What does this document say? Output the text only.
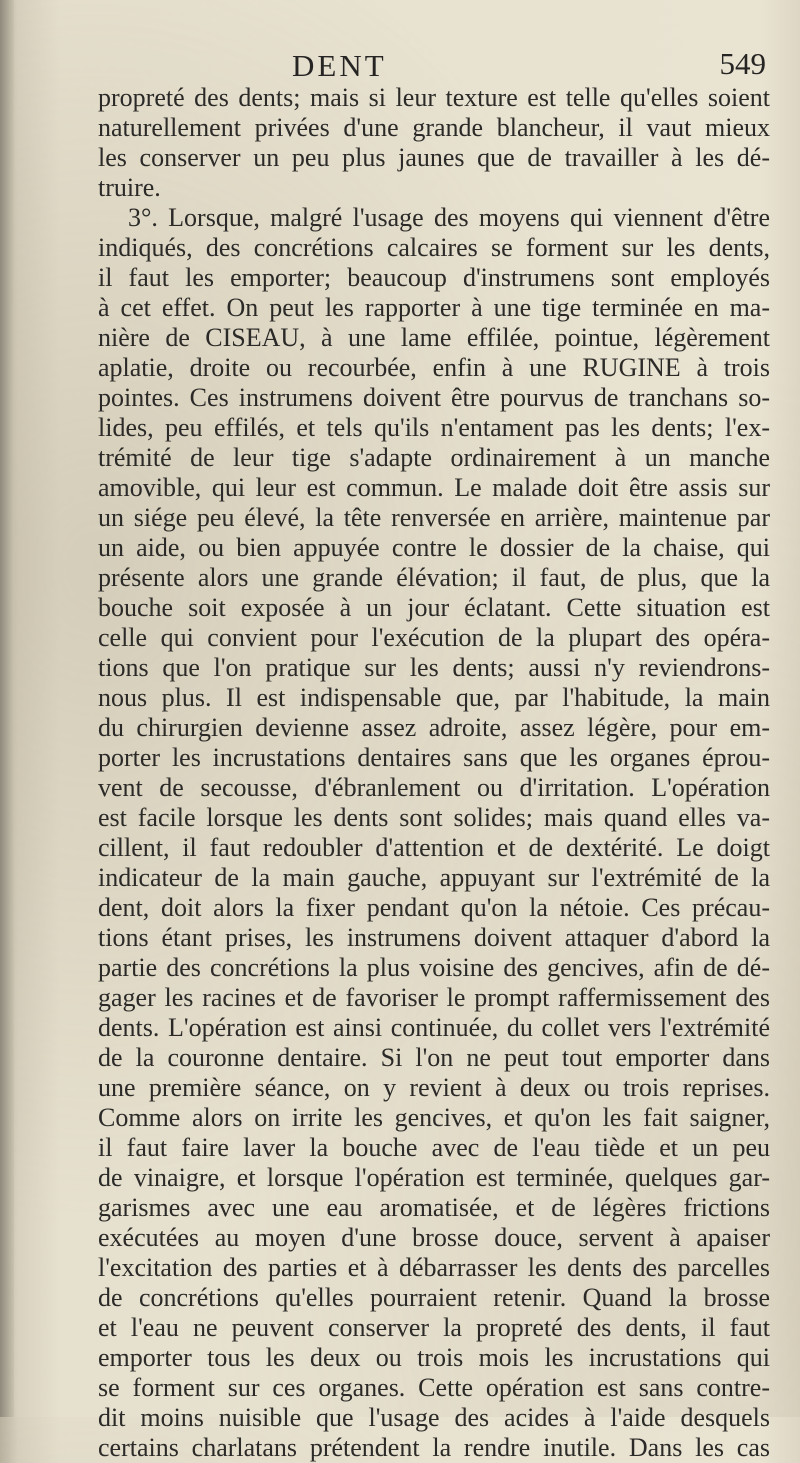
DENT	549
propreté des dents; mais si leur texture est telle qu'elles soient
naturellement privées d'une grande blancheur, il vaut mieux
les conserver un peu plus jaunes que de travailler à les dé-
truire.
3°. Lorsque, malgré l'usage des moyens qui viennent d'être
indiqués, des concrétions calcaires se forment sur les dents,
il faut les emporter; beaucoup d'instrumens sont employés
à cet effet. On peut les rapporter à une tige terminée en ma-
nière de CISEAU, à une lame effilée, pointue, légèrement
aplatie, droite ou recourbée, enfin à une RUGINE à trois
pointes. Ces instrumens doivent être pourvus de tranchans so-
lides, peu effilés, et tels qu'ils n'entament pas les dents; l'ex-
trémité de leur tige s'adapte ordinairement à un manche
amovible, qui leur est commun. Le malade doit être assis sur
un siége peu élevé, la tête renversée en arrière, maintenue par
un aide, ou bien appuyée contre le dossier de la chaise, qui
présente alors une grande élévation; il faut, de plus, que la
bouche soit exposée à un jour éclatant. Cette situation est
celle qui convient pour l'exécution de la plupart des opéra-
tions que l'on pratique sur les dents; aussi n'y reviendrons-
nous plus. Il est indispensable que, par l'habitude, la main
du chirurgien devienne assez adroite, assez légère, pour em-
porter les incrustations dentaires sans que les organes éprou-
vent de secousse, d'ébranlement ou d'irritation. L'opération
est facile lorsque les dents sont solides; mais quand elles va-
cillent, il faut redoubler d'attention et de dextérité. Le doigt
indicateur de la main gauche, appuyant sur l'extrémité de la
dent, doit alors la fixer pendant qu'on la nétoie. Ces précau-
tions étant prises, les instrumens doivent attaquer d'abord la
partie des concrétions la plus voisine des gencives, afin de dé-
gager les racines et de favoriser le prompt raffermissement des
dents. L'opération est ainsi continuée, du collet vers l'extrémité
de la couronne dentaire. Si l'on ne peut tout emporter dans
une première séance, on y revient à deux ou trois reprises.
Comme alors on irrite les gencives, et qu'on les fait saigner,
il faut faire laver la bouche avec de l'eau tiède et un peu
de vinaigre, et lorsque l'opération est terminée, quelques gar-
garismes avec une eau aromatisée, et de légères frictions
exécutées au moyen d'une brosse douce, servent à apaiser
l'excitation des parties et à débarrasser les dents des parcelles
de concrétions qu'elles pourraient retenir. Quand la brosse
et l'eau ne peuvent conserver la propreté des dents, il faut
emporter tous les deux ou trois mois les incrustations qui
se forment sur ces organes. Cette opération est sans contre-
dit moins nuisible que l'usage des acides à l'aide desquels
certains charlatans prétendent la rendre inutile. Dans les cas
